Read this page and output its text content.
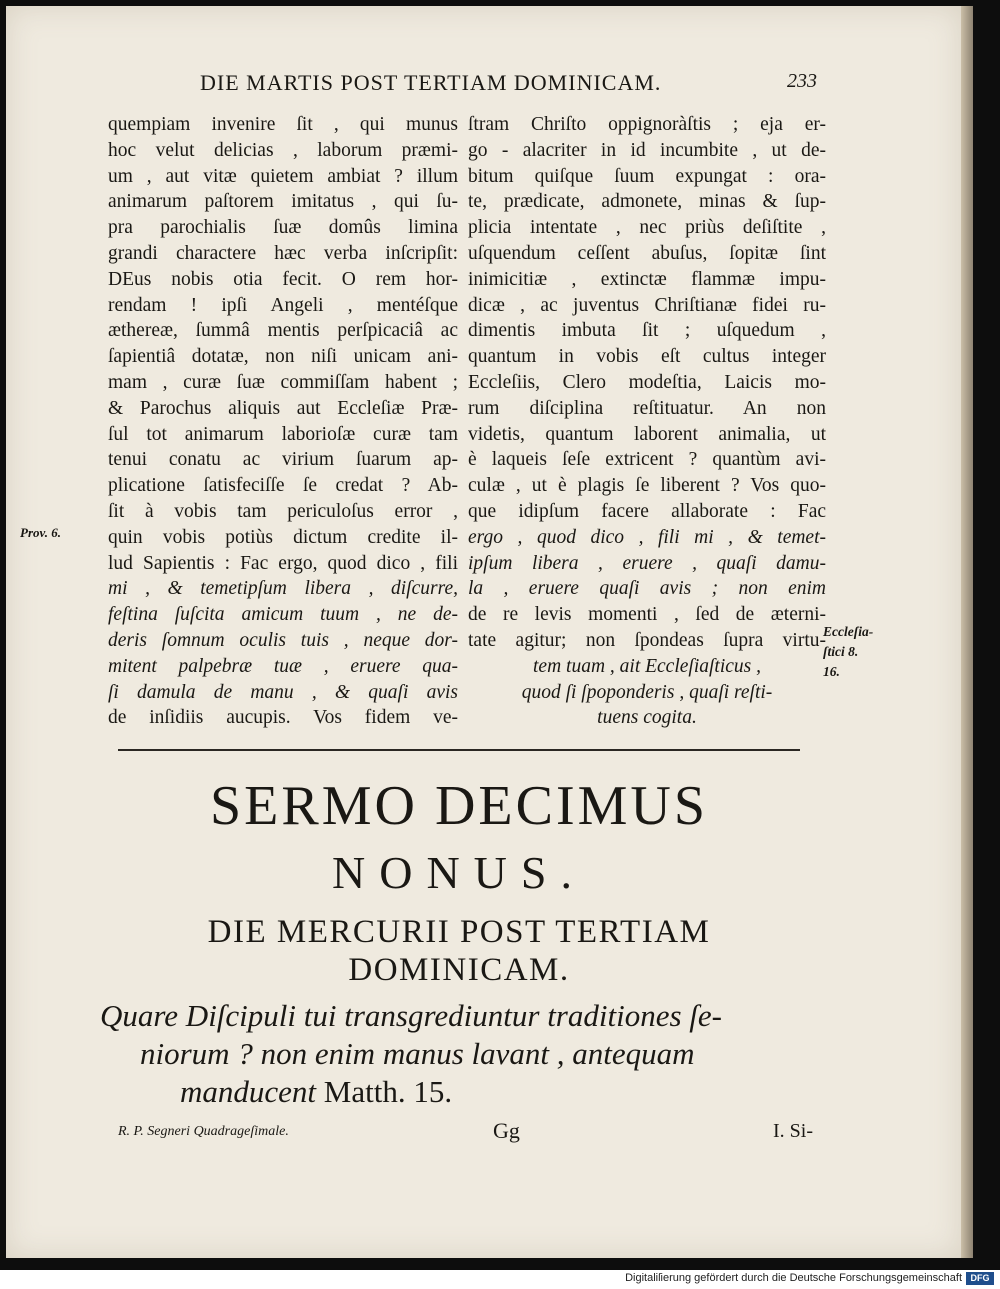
DIE MARTIS POST TERTIAM DOMINICAM.	233
quempiam invenire ſit , qui munus
hoc velut delicias , laborum præmi-
um , aut vitæ quietem ambiat ? illum
animarum paſtorem imitatus , qui ſu-
pra parochialis ſuæ domûs limina
grandi charactere hæc verba inſcripſit:
DEus nobis otia fecit. O rem hor-
rendam ! ipſi Angeli , mentéſque
æthereæ, ſummâ mentis perſpicaciâ ac
ſapientiâ dotatæ, non niſi unicam ani-
mam , curæ ſuæ commiſſam habent ;
& Parochus aliquis aut Eccleſiæ Præ-
ſul tot animarum laborioſæ curæ tam
tenui conatu ac virium ſuarum ap-
plicatione ſatisfeciſſe ſe credat ? Ab-
ſit à vobis tam periculoſus error ,
quin vobis potiùs dictum credite il-
lud Sapientis : Fac ergo, quod dico , fili
mi , & temetipſum libera , diſcurre,
feſtina ſuſcita amicum tuum , ne de-
deris ſomnum oculis tuis , neque dor-
mitent palpebræ tuæ , eruere qua-
ſi damula de manu , & quaſi avis
de inſidiis aucupis. Vos fidem ve-
ſtram Chriſto oppignoràſtis ; eja er-
go - alacriter in id incumbite , ut de-
bitum quiſque ſuum expungat : ora-
te, prædicate, admonete, minas & ſup-
plicia intentate , nec priùs deſiſtite ,
uſquendum ceſſent abuſus, ſopitæ ſint
inimicitiæ , extinctæ flammæ impu-
dicæ , ac juventus Chriſtianæ fidei ru-
dimentis imbuta ſit ; uſquedum ,
quantum in vobis eſt cultus integer
Eccleſiis, Clero modeſtia, Laicis mo-
rum diſciplina reſtituatur. An non
videtis, quantum laborent animalia, ut
è laqueis ſeſe extricent ? quantùm avi-
culæ , ut è plagis ſe liberent ? Vos quo-
que idipſum facere allaborate : Fac
ergo , quod dico , fili mi , & temet-
ipſum libera , eruere , quaſi damu-
la , eruere quaſi avis ; non enim
de re levis momenti , ſed de æterni-
tate agitur; non ſpondeas ſupra virtu-
tem tuam , ait Eccleſiaſticus ,
quod ſi ſpoponderis , quaſi reſti-
tuens cogita.
Prov. 6.
Eccleſia-
ſtici 8.
16.
SERMO DECIMUS
NONUS.
DIE MERCURII POST TERTIAM
DOMINICAM.
Quare Diſcipuli tui transgrediuntur traditiones ſe-
niorum ? non enim manus lavant , antequam
manducent Matth. 15.
R. P. Segneri Quadrageſimale.	Gg	I. Si-
Digitaliſierung gefördert durch die Deutsche Forschungsgemeinschaft DFG
